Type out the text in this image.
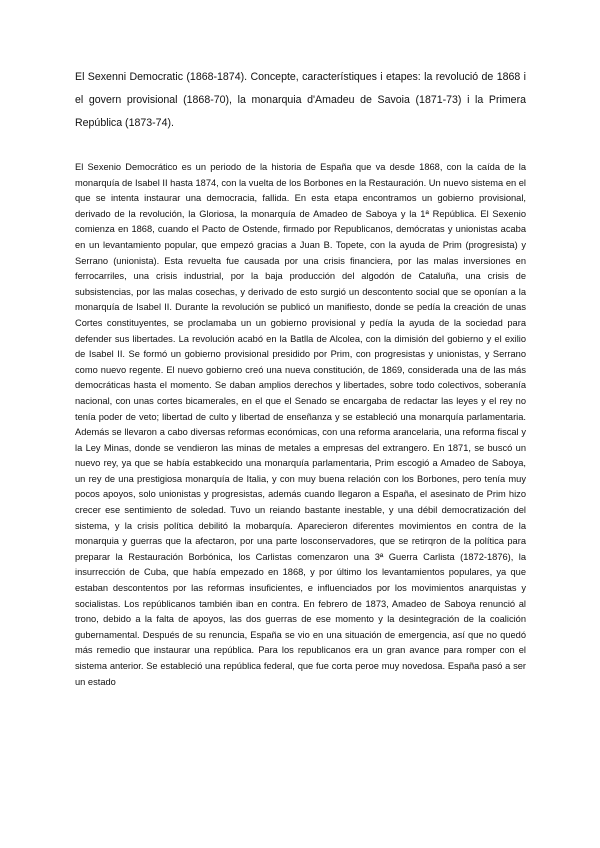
El Sexenni Democratic (1868-1874). Concepte, característiques i etapes: la revolució de 1868 i el govern provisional (1868-70), la monarquia d'Amadeu de Savoia (1871-73) i la Primera República (1873-74).

El Sexenio Democrático es un periodo de la historia de España que va desde 1868, con la caída de la monarquía de Isabel II hasta 1874, con la vuelta de los Borbones en la Restauración. Un nuevo sistema en el que se intenta instaurar una democracia, fallida. En esta etapa encontramos un gobierno provisional, derivado de la revolución, la Gloriosa, la monarquía de Amadeo de Saboya y la 1ª República. El Sexenio comienza en 1868, cuando el Pacto de Ostende, firmado por Republicanos, demócratas y unionistas acaba en un levantamiento popular, que empezó gracias a Juan B. Topete, con la ayuda de Prim (progresista) y Serrano (unionista). Esta revuelta fue causada por una crisis financiera, por las malas inversiones en ferrocarriles, una crisis industrial, por la baja producción del algodón de Cataluña, una crisis de subsistencias, por las malas cosechas, y derivado de esto surgió un descontento social que se oponían a la monarquía de Isabel II. Durante la revolución se publicó un manifiesto, donde se pedía la creación de unas Cortes constituyentes, se proclamaba un un gobierno provisional y pedía la ayuda de la sociedad para defender sus libertades. La revolución acabó en la Batlla de Alcolea, con la dimisión del gobierno y el exilio de Isabel II. Se formó un gobierno provisional presidido por Prim, con progresistas y unionistas, y Serrano como nuevo regente. El nuevo gobierno creó una nueva constitución, de 1869, considerada una de las más democráticas hasta el momento. Se daban amplios derechos y libertades, sobre todo colectivos, soberanía nacional, con unas cortes bicamerales, en el que el Senado se encargaba de redactar las leyes y el rey no tenía poder de veto; libertad de culto y libertad de enseñanza y se estableció una monarquía parlamentaria. Además se llevaron a cabo diversas reformas económicas, con una reforma arancelaria, una reforma fiscal y la Ley Minas, donde se vendieron las minas de metales a empresas del extrangero. En 1871, se buscó un nuevo rey, ya que se había estabkecido una monarquía parlamentaria, Prim escogió a Amadeo de Saboya, un rey de una prestigiosa monarquía de Italia, y con muy buena relación con los Borbones, pero tenía muy pocos apoyos, solo unionistas y progresistas, además cuando llegaron a España, el asesinato de Prim hizo crecer ese sentimiento de soledad. Tuvo un reiando bastante inestable, y una débil democratización del sistema, y la crisis política debilitó la mobarquía. Aparecieron diferentes movimientos en contra de la monarquia y guerras que la afectaron, por una parte losconservadores, que se retirqron de la política para preparar la Restauración Borbónica, los Carlistas comenzaron una 3ª Guerra Carlista (1872-1876), la insurrección de Cuba, que había empezado en 1868, y por último los levantamientos populares, ya que estaban descontentos por las reformas insuficientes, e influenciados por los movimientos anarquistas y socialistas. Los repúblicanos también iban en contra. En febrero de 1873, Amadeo de Saboya renunció al trono, debido a la falta de apoyos, las dos guerras de ese momento y la desintegración de la coalición gubernamental. Después de su renuncia, España se vio en una situación de emergencia, así que no quedó más remedio que instaurar una república. Para los republicanos era un gran avance para romper con el sistema anterior. Se estableció una república federal, que fue corta peroe muy novedosa. España pasó a ser un estado
